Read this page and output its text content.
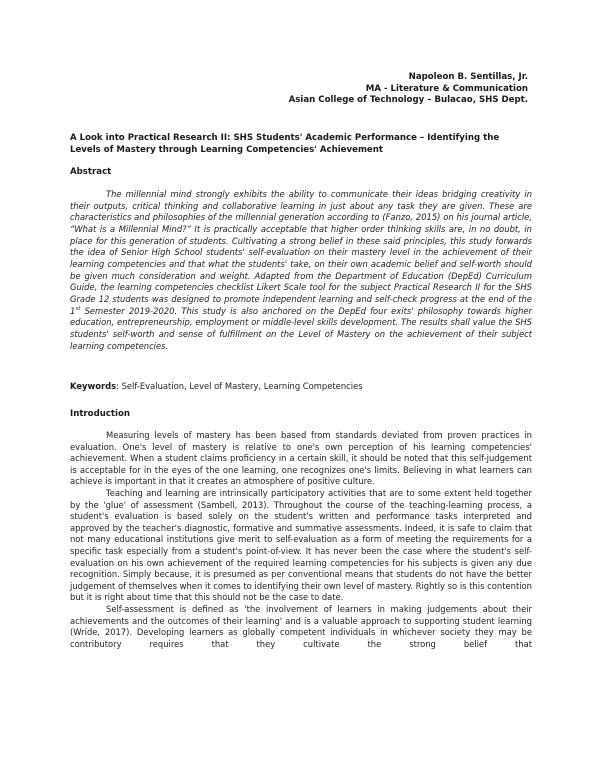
Napoleon B. Sentillas, Jr.
MA - Literature & Communication
Asian College of Technology – Bulacao, SHS Dept.
A Look into Practical Research II: SHS Students' Academic Performance – Identifying the Levels of Mastery through Learning Competencies' Achievement
Abstract

The millennial mind strongly exhibits the ability to communicate their ideas bridging creativity in their outputs, critical thinking and collaborative learning in just about any task they are given. These are characteristics and philosophies of the millennial generation according to (Fanzo, 2015) on his journal article, “What is a Millennial Mind?” It is practically acceptable that higher order thinking skills are, in no doubt, in place for this generation of students. Cultivating a strong belief in these said principles, this study forwards the idea of Senior High School students' self-evaluation on their mastery level in the achievement of their learning competencies and that what the students' take, on their own academic belief and self-worth should be given much consideration and weight. Adapted from the Department of Education (DepEd) Curriculum Guide, the learning competencies checklist Likert Scale tool for the subject Practical Research II for the SHS Grade 12 students was designed to promote independent learning and self-check progress at the end of the 1st Semester 2019-2020. This study is also anchored on the DepEd four exits' philosophy towards higher education, entrepreneurship, employment or middle-level skills development. The results shall value the SHS students' self-worth and sense of fulfillment on the Level of Mastery on the achievement of their subject learning competencies.

Keywords: Self-Evaluation, Level of Mastery, Learning Competencies

Introduction

Measuring levels of mastery has been based from standards deviated from proven practices in evaluation. One's level of mastery is relative to one's own perception of his learning competencies' achievement. When a student claims proficiency in a certain skill, it should be noted that this self-judgement is acceptable for in the eyes of the one learning, one recognizes one's limits. Believing in what learners can achieve is important in that it creates an atmosphere of positive culture.

Teaching and learning are intrinsically participatory activities that are to some extent held together by the 'glue' of assessment (Sambell, 2013). Throughout the course of the teaching-learning process, a student's evaluation is based solely on the student's written and performance tasks interpreted and approved by the teacher's diagnostic, formative and summative assessments. Indeed, it is safe to claim that not many educational institutions give merit to self-evaluation as a form of meeting the requirements for a specific task especially from a student's point-of-view. It has never been the case where the student's self-evaluation on his own achievement of the required learning competencies for his subjects is given any due recognition. Simply because, it is presumed as per conventional means that students do not have the better judgement of themselves when it comes to identifying their own level of mastery. Rightly so is this contention but it is right about time that this should not be the case to date.

Self-assessment is defined as 'the involvement of learners in making judgements about their achievements and the outcomes of their learning' and is a valuable approach to supporting student learning (Wride, 2017). Developing learners as globally competent individuals in whichever society they may be contributory requires that they cultivate the strong belief that
